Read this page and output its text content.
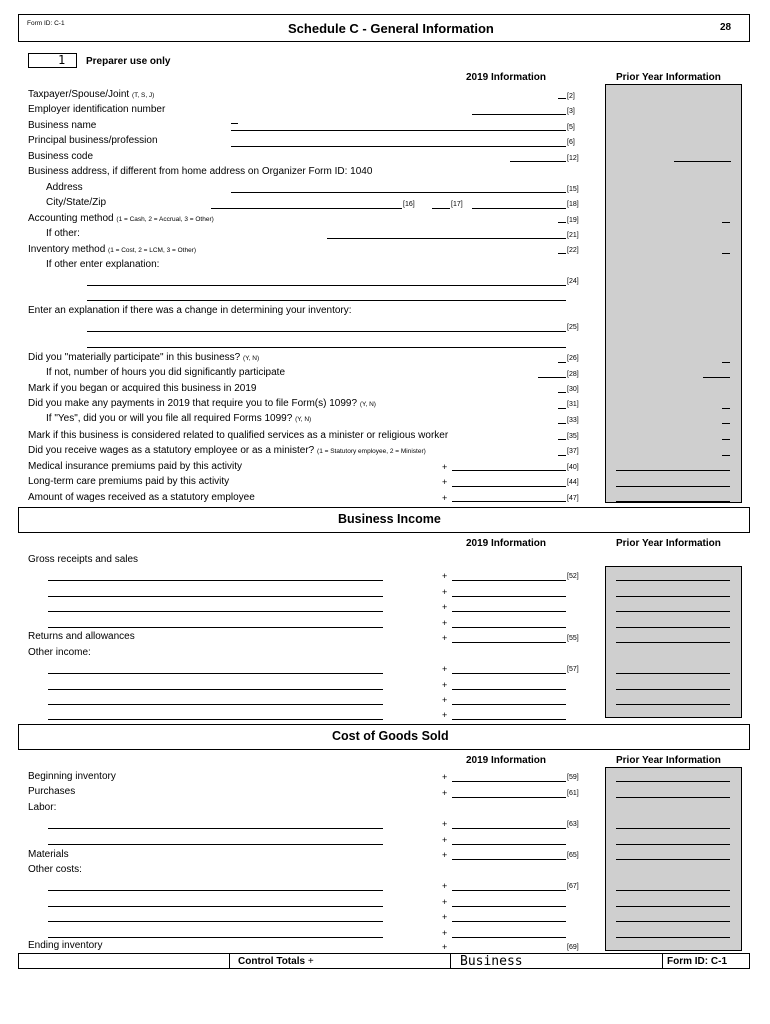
Form ID: C-1	Schedule C - General Information	28
1 Preparer use only
2019 Information	Prior Year Information
Taxpayer/Spouse/Joint (T, S, J)	[2]
Employer identification number	[3]
Business name	[5]
Principal business/profession	[6]
Business code	[12]
Business address, if different from home address on Organizer Form ID: 1040
Address	[15]
City/State/Zip	[16]	[17]	[18]
Accounting method (1 = Cash, 2 = Accrual, 3 = Other)	[19]
If other:	[21]
Inventory method (1 = Cost, 2 = LCM, 3 = Other)	[22]
If other enter explanation:
[24]
Enter an explanation if there was a change in determining your inventory:
[25]
Did you "materially participate" in this business? (Y, N)	[26]
If not, number of hours you did significantly participate	[28]
Mark if you began or acquired this business in 2019	[30]
Did you make any payments in 2019 that require you to file Form(s) 1099? (Y, N)	[31]
If "Yes", did you or will you file all required Forms 1099? (Y, N)	[33]
Mark if this business is considered related to qualified services as a minister or religious worker	[35]
Did you receive wages as a statutory employee or as a minister? (1 = Statutory employee, 2 = Minister)	[37]
Medical insurance premiums paid by this activity	+	[40]
Long-term care premiums paid by this activity	+	[44]
Amount of wages received as a statutory employee	+	[47]
Business Income
2019 Information	Prior Year Information
Gross receipts and sales
+	[52]
+
+
+
Returns and allowances	+	[55]
Other income:
+	[57]
+
+
+
Cost of Goods Sold
2019 Information	Prior Year Information
Beginning inventory	+	[59]
Purchases	+	[61]
Labor:
+	[63]
+
Materials	+	[65]
Other costs:
+	[67]
+
+
+
Ending inventory	+	[69]
Control Totals +	Business	Form ID: C-1
